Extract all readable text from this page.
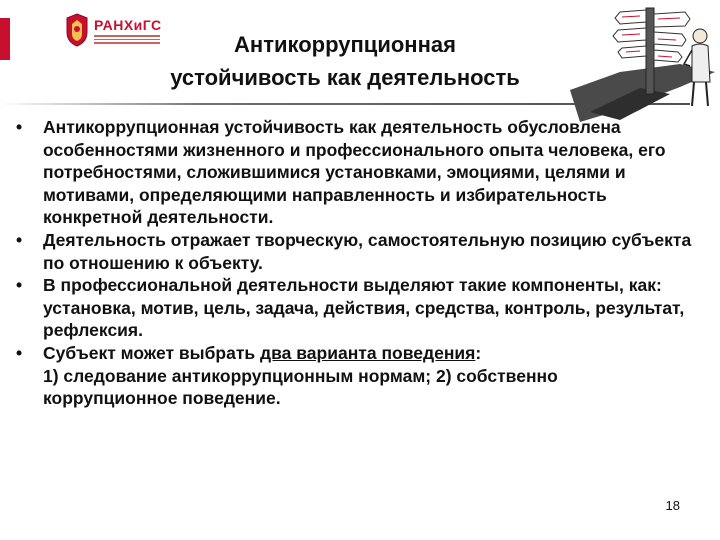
РАНХиГС
Антикоррупционная
устойчивость как деятельность
• Антикоррупционная устойчивость как деятельность обусловлена особенностями жизненного и профессионального опыта человека, его потребностями, сложившимися установками, эмоциями, целями и мотивами, определяющими направленность и избирательность конкретной деятельности.
• Деятельность отражает творческую, самостоятельную позицию субъекта по отношению к объекту.
• В профессиональной деятельности выделяют такие компоненты, как: установка, мотив, цель, задача, действия, средства, контроль, результат, рефлексия.
• Субъект может выбрать два варианта поведения:
1) следование антикоррупционным нормам; 2) собственно коррупционное поведение.
18
